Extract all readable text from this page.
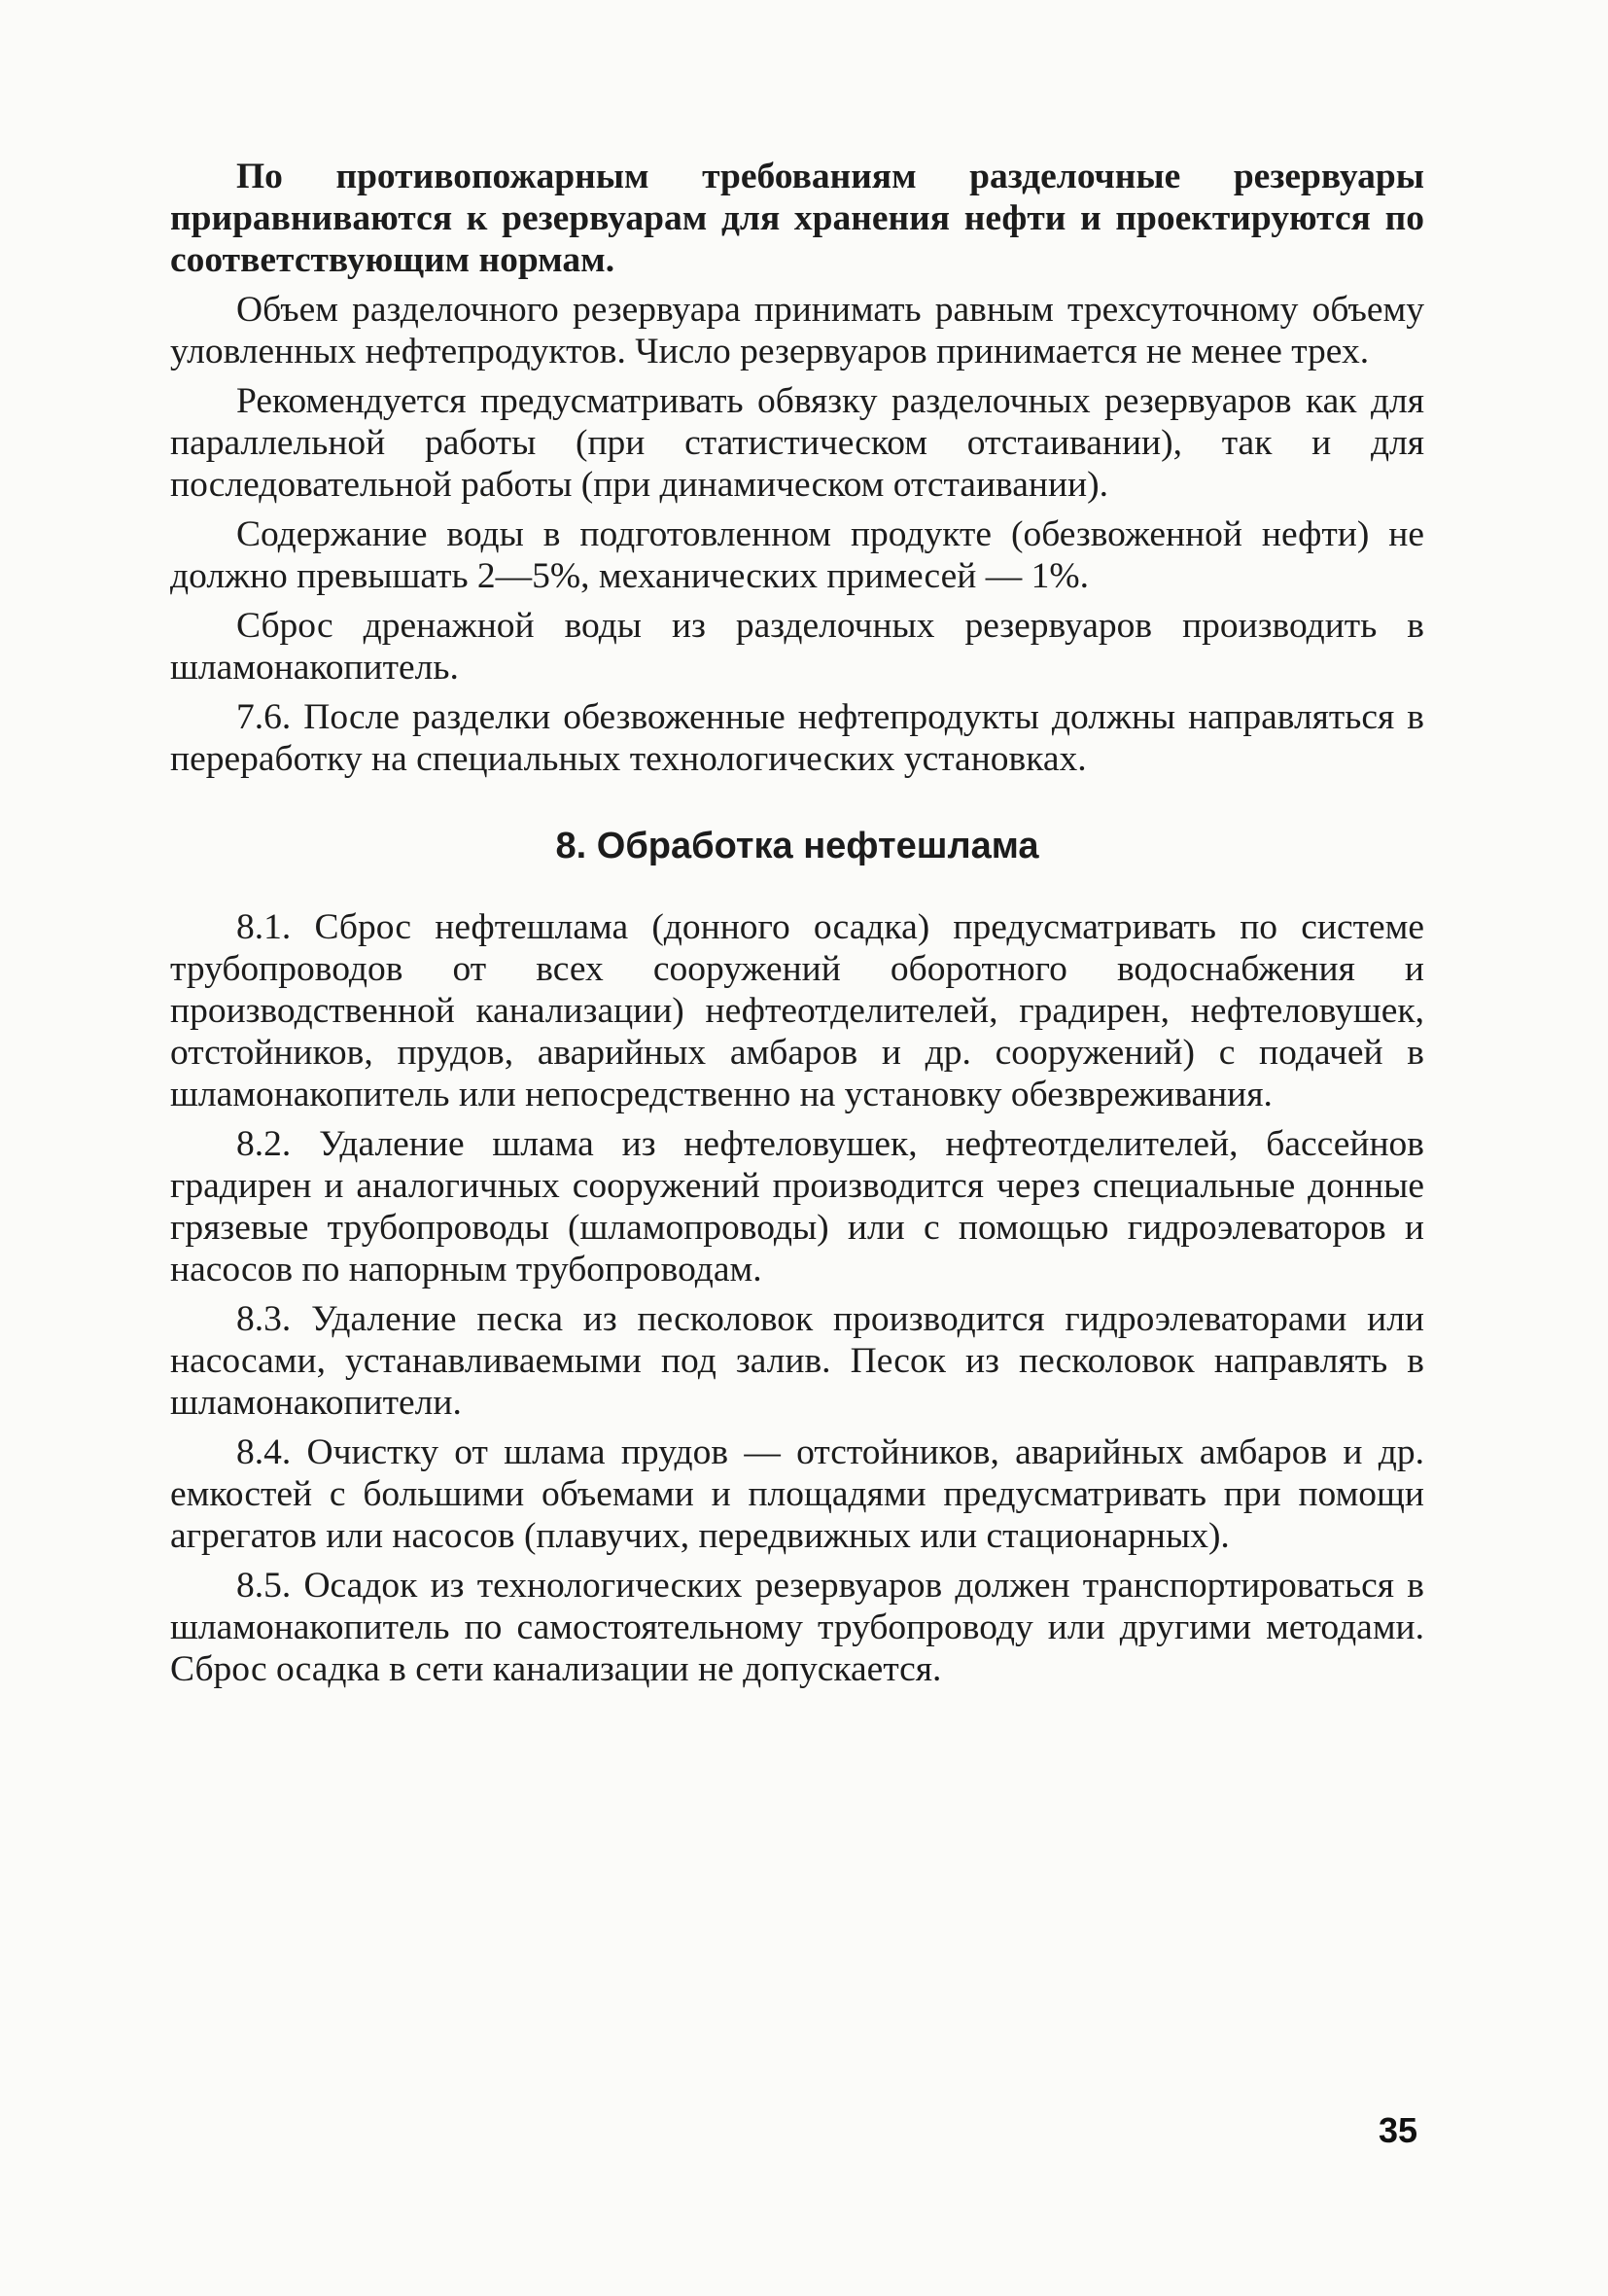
По противопожарным требованиям разделочные резервуары приравниваются к резервуарам для хранения нефти и проектируются по соответствующим нормам.

Объем разделочного резервуара принимать равным трехсуточному объему уловленных нефтепродуктов. Число резервуаров принимается не менее трех.

Рекомендуется предусматривать обвязку разделочных резервуаров как для параллельной работы (при статистическом отстаивании), так и для последовательной работы (при динамическом отстаивании).

Содержание воды в подготовленном продукте (обезвоженной нефти) не должно превышать 2—5%, механических примесей — 1%.

Сброс дренажной воды из разделочных резервуаров производить в шламонакопитель.

7.6. После разделки обезвоженные нефтепродукты должны направляться в переработку на специальных технологических установках.

8. Обработка нефтешлама

8.1. Сброс нефтешлама (донного осадка) предусматривать по системе трубопроводов от всех сооружений оборотного водоснабжения и производственной канализации) нефтеотделителей, градирен, нефтеловушек, отстойников, прудов, аварийных амбаров и др. сооружений) с подачей в шламонакопитель или непосредственно на установку обезвреживания.

8.2. Удаление шлама из нефтеловушек, нефтеотделителей, бассейнов градирен и аналогичных сооружений производится через специальные донные грязевые трубопроводы (шламопроводы) или с помощью гидроэлеваторов и насосов по напорным трубопроводам.

8.3. Удаление песка из песколовок производится гидроэлеваторами или насосами, устанавливаемыми под залив. Песок из песколовок направлять в шламонакопители.

8.4. Очистку от шлама прудов — отстойников, аварийных амбаров и др. емкостей с большими объемами и площадями предусматривать при помощи агрегатов или насосов (плавучих, передвижных или стационарных).

8.5. Осадок из технологических резервуаров должен транспортироваться в шламонакопитель по самостоятельному трубопроводу или другими методами. Сброс осадка в сети канализации не допускается.

35
